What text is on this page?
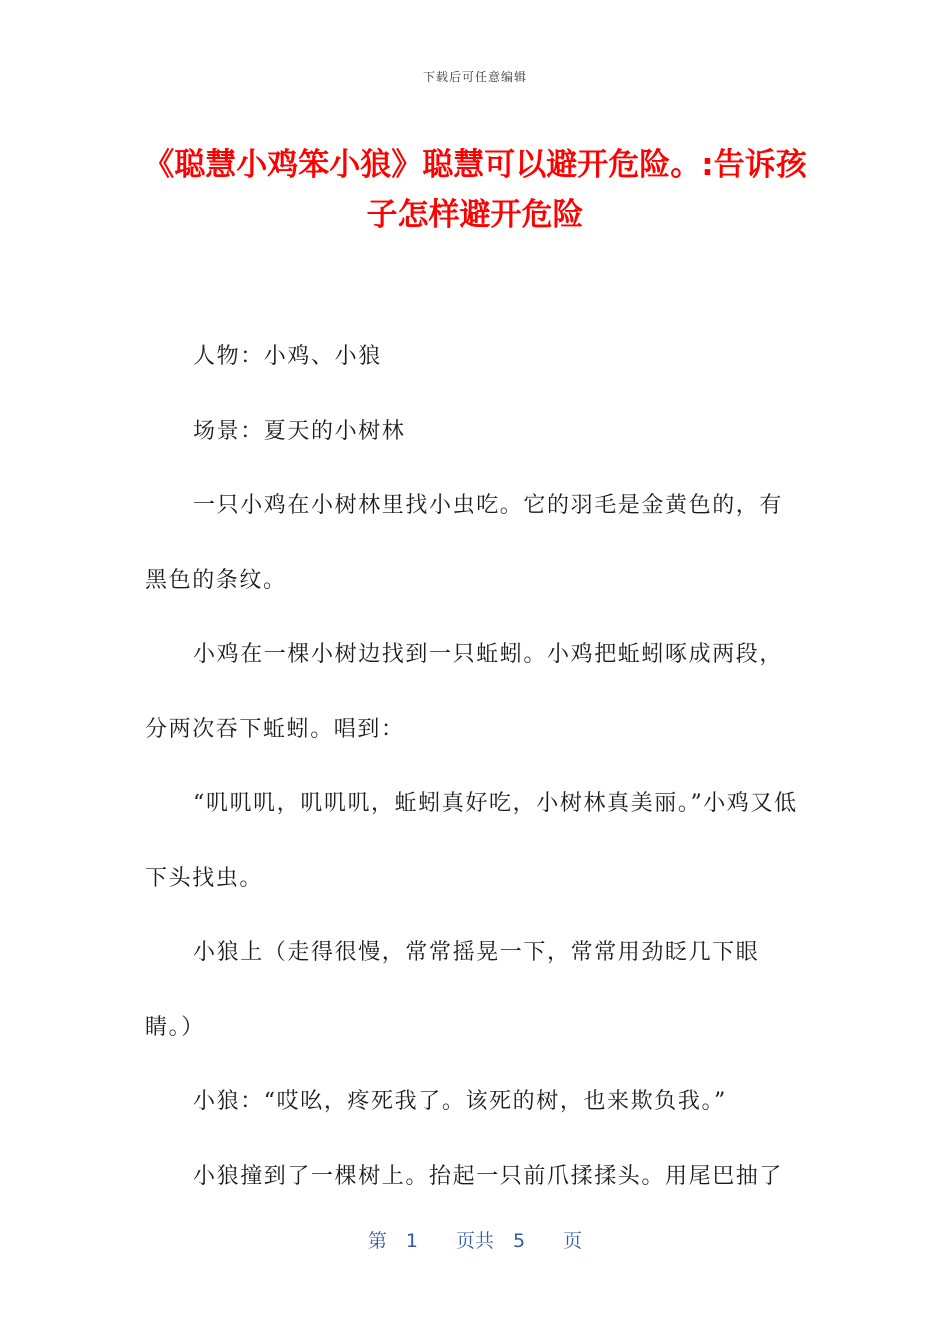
下载后可任意编辑
《聪慧小鸡笨小狼》聪慧可以避开危险。:告诉孩子怎样避开危险

人物：小鸡、小狼

场景：夏天的小树林

一只小鸡在小树林里找小虫吃。它的羽毛是金黄色的，有黑色的条纹。

小鸡在一棵小树边找到一只蚯蚓。小鸡把蚯蚓啄成两段，分两次吞下蚯蚓。唱到：

“叽叽叽，叽叽叽，蚯蚓真好吃，小树林真美丽。”小鸡又低下头找虫。

小狼上（走得很慢，常常摇晃一下，常常用劲眨几下眼睛。）

小狼：“哎吆，疼死我了。该死的树，也来欺负我。”

小狼撞到了一棵树上。抬起一只前爪揉揉头。用尾巴抽了

第　1　　页共　5　　页
